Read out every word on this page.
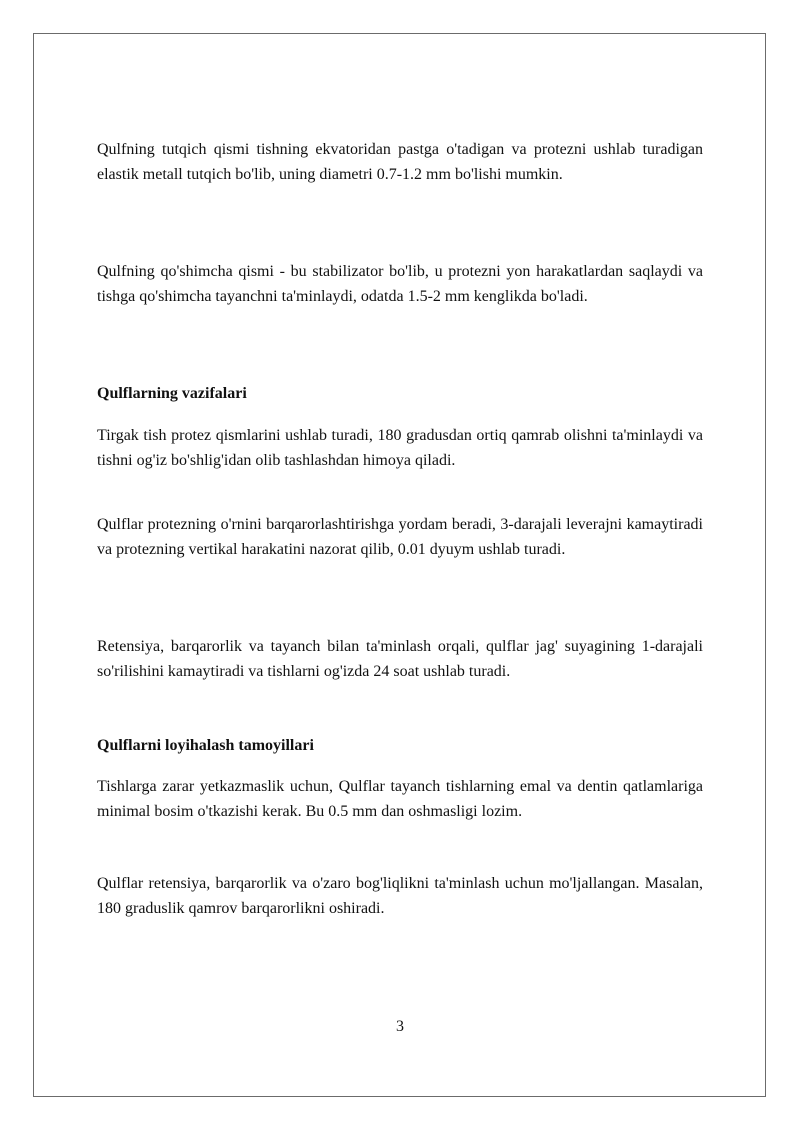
Qulfning tutqich qismi tishning ekvatoridan pastga o'tadigan va protezni ushlab turadigan elastik metall tutqich bo'lib, uning diametri 0.7-1.2 mm bo'lishi mumkin.

Qulfning qo'shimcha qismi - bu stabilizator bo'lib, u protezni yon harakatlardan saqlaydi va tishga qo'shimcha tayanchni ta'minlaydi, odatda 1.5-2 mm kenglikda bo'ladi.

Qulflarning vazifalari

Tirgak tish protez qismlarini ushlab turadi, 180 gradusdan ortiq qamrab olishni ta'minlaydi va tishni og'iz bo'shlig'idan olib tashlashdan himoya qiladi.

Qulflar protezning o'rnini barqarorlashtirishga yordam beradi, 3-darajali leverajni kamaytiradi va protezning vertikal harakatini nazorat qilib, 0.01 dyuym ushlab turadi.

Retensiya, barqarorlik va tayanch bilan ta'minlash orqali, qulflar jag' suyagining 1-darajali so'rilishini kamaytiradi va tishlarni og'izda 24 soat ushlab turadi.

Qulflarni loyihalash tamoyillari

Tishlarga zarar yetkazmaslik uchun, Qulflar tayanch tishlarning emal va dentin qatlamlariga minimal bosim o'tkazishi kerak. Bu 0.5 mm dan oshmasligi lozim.

Qulflar retensiya, barqarorlik va o'zaro bog'liqlikni ta'minlash uchun mo'ljallangan. Masalan, 180 graduslik qamrov barqarorlikni oshiradi.

3
